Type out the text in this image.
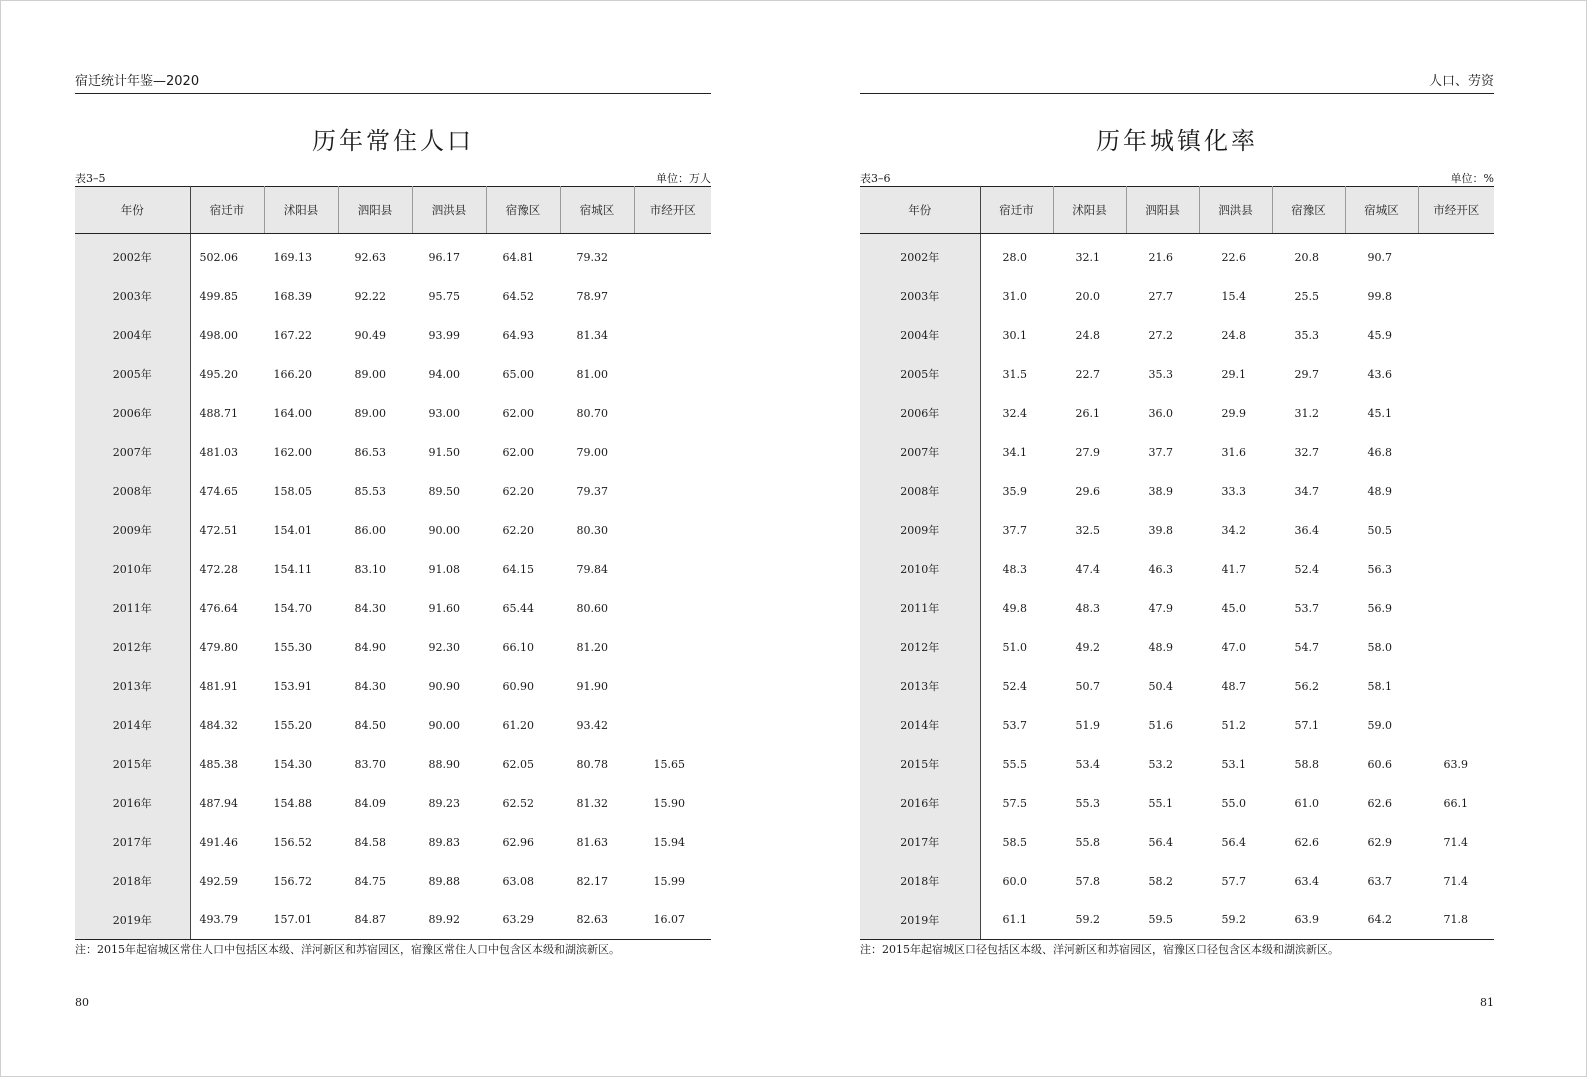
宿迁统计年鉴—2020
历年常住人口
表3–5	单位：万人
年份	宿迁市	沭阳县	泗阳县	泗洪县	宿豫区	宿城区	市经开区

2002年	502.06	169.13	92.63	96.17	64.81	79.32	
2003年	499.85	168.39	92.22	95.75	64.52	78.97	
2004年	498.00	167.22	90.49	93.99	64.93	81.34	
2005年	495.20	166.20	89.00	94.00	65.00	81.00	
2006年	488.71	164.00	89.00	93.00	62.00	80.70	
2007年	481.03	162.00	86.53	91.50	62.00	79.00	
2008年	474.65	158.05	85.53	89.50	62.20	79.37	
2009年	472.51	154.01	86.00	90.00	62.20	80.30	
2010年	472.28	154.11	83.10	91.08	64.15	79.84	
2011年	476.64	154.70	84.30	91.60	65.44	80.60	
2012年	479.80	155.30	84.90	92.30	66.10	81.20	
2013年	481.91	153.91	84.30	90.90	60.90	91.90	
2014年	484.32	155.20	84.50	90.00	61.20	93.42	
2015年	485.38	154.30	83.70	88.90	62.05	80.78	15.65
2016年	487.94	154.88	84.09	89.23	62.52	81.32	15.90
2017年	491.46	156.52	84.58	89.83	62.96	81.63	15.94
2018年	492.59	156.72	84.75	89.88	63.08	82.17	15.99
2019年	493.79	157.01	84.87	89.92	63.29	82.63	16.07
注：2015年起宿城区常住人口中包括区本级、洋河新区和苏宿园区，宿豫区常住人口中包含区本级和湖滨新区。
80
人口、劳资
历年城镇化率
表3–6	单位：%
年份	宿迁市	沭阳县	泗阳县	泗洪县	宿豫区	宿城区	市经开区

2002年	28.0	32.1	21.6	22.6	20.8	90.7	
2003年	31.0	20.0	27.7	15.4	25.5	99.8	
2004年	30.1	24.8	27.2	24.8	35.3	45.9	
2005年	31.5	22.7	35.3	29.1	29.7	43.6	
2006年	32.4	26.1	36.0	29.9	31.2	45.1	
2007年	34.1	27.9	37.7	31.6	32.7	46.8	
2008年	35.9	29.6	38.9	33.3	34.7	48.9	
2009年	37.7	32.5	39.8	34.2	36.4	50.5	
2010年	48.3	47.4	46.3	41.7	52.4	56.3	
2011年	49.8	48.3	47.9	45.0	53.7	56.9	
2012年	51.0	49.2	48.9	47.0	54.7	58.0	
2013年	52.4	50.7	50.4	48.7	56.2	58.1	
2014年	53.7	51.9	51.6	51.2	57.1	59.0	
2015年	55.5	53.4	53.2	53.1	58.8	60.6	63.9
2016年	57.5	55.3	55.1	55.0	61.0	62.6	66.1
2017年	58.5	55.8	56.4	56.4	62.6	62.9	71.4
2018年	60.0	57.8	58.2	57.7	63.4	63.7	71.4
2019年	61.1	59.2	59.5	59.2	63.9	64.2	71.8
注：2015年起宿城区口径包括区本级、洋河新区和苏宿园区，宿豫区口径包含区本级和湖滨新区。
81
